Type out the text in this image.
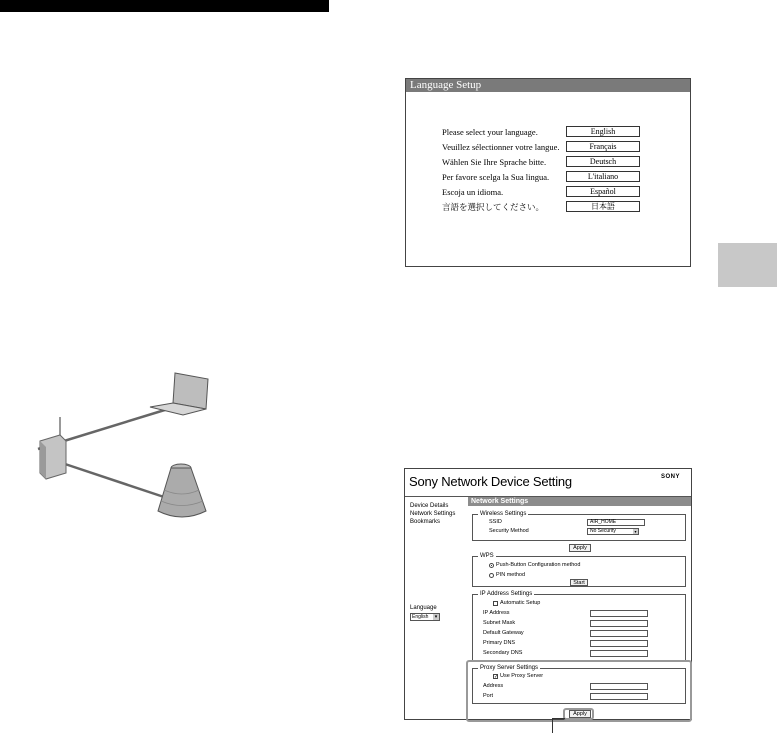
Language Setup
Please select your language.	English
Veuillez sélectionner votre langue.	Français
Wählen Sie Ihre Sprache bitte.	Deutsch
Per favore scelga la Sua lingua.	L'italiano
Escoja un idioma.	Español
言語を選択してください。	日本語
Sony Network Device Setting	SONY
Device Details
Network Settings
Bookmarks
Language
English	▾
Network Settings
Wireless Settings
SSID	AIR_HOME
Security Method	No Security	▾
Apply
WPS
Push-Button Configuration method
PIN method
Start
IP Address Settings
Automatic Setup
IP Address
Subnet Mask
Default Gateway
Primary DNS
Secondary DNS
Proxy Server Settings
✓ Use Proxy Server
Address
Port
Apply
